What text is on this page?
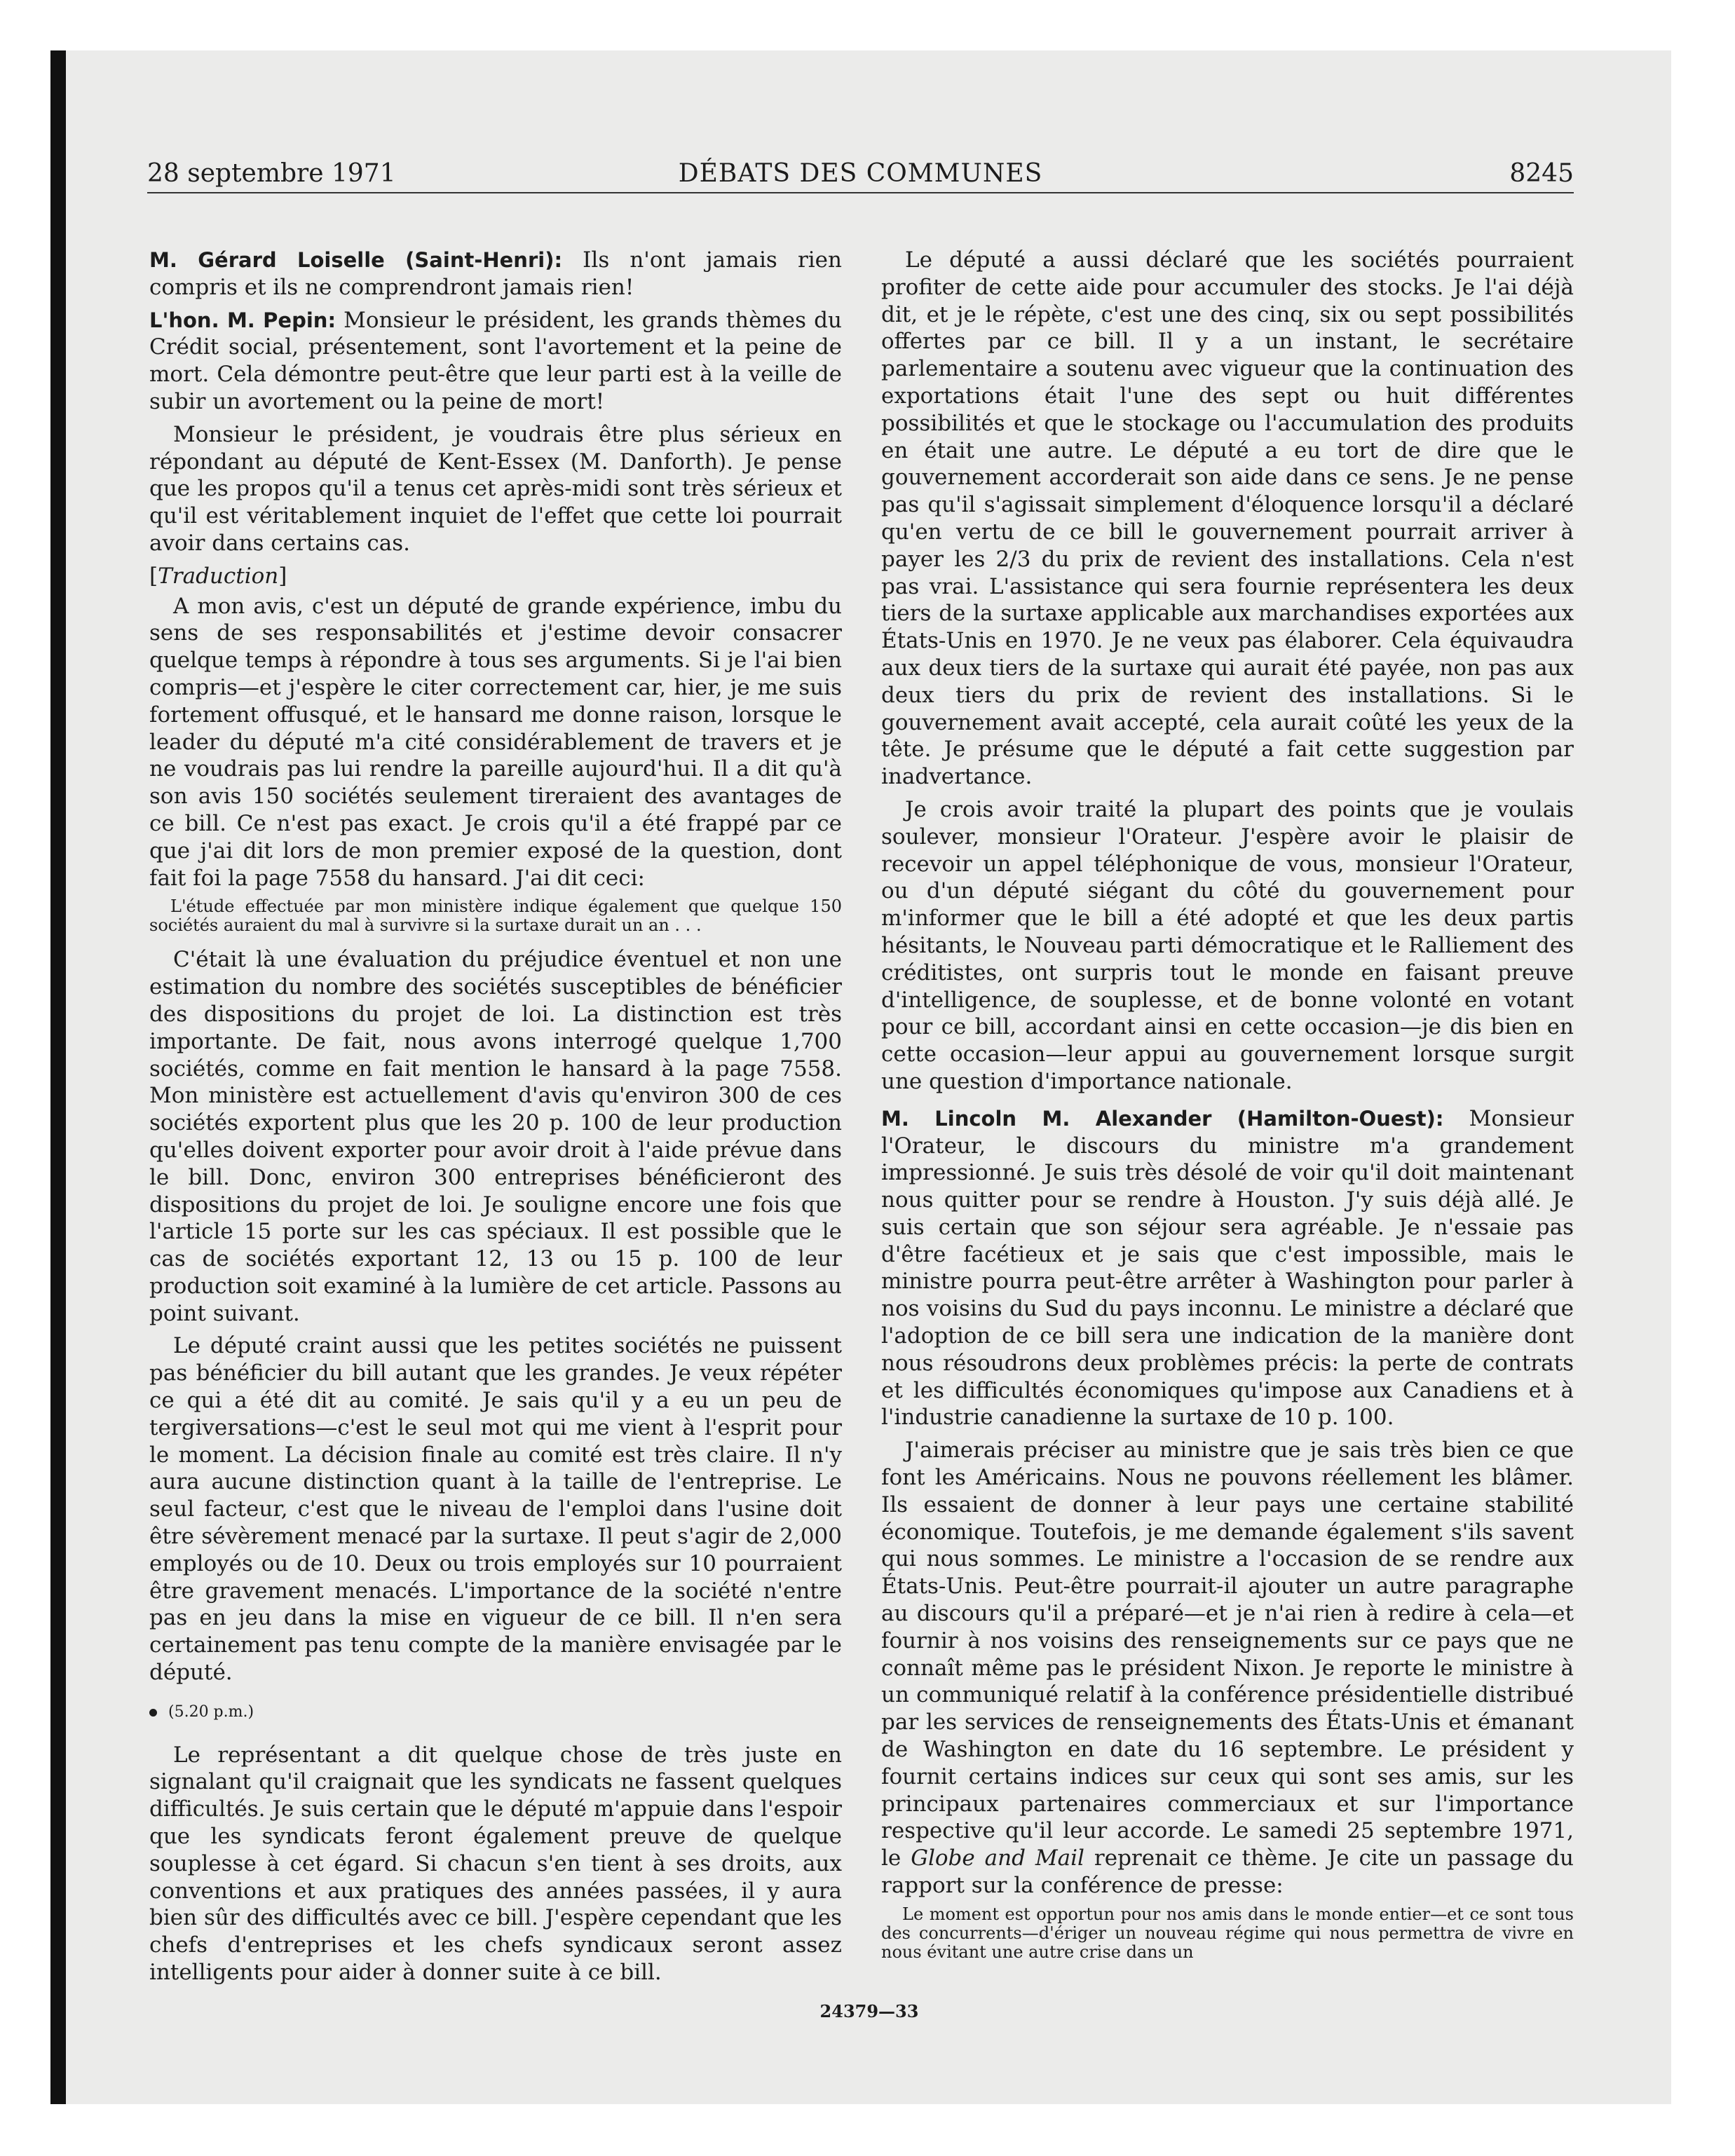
28 septembre 1971	DÉBATS DES COMMUNES	8245

M. Gérard Loiselle (Saint-Henri): Ils n'ont jamais rien compris et ils ne comprendront jamais rien!

L'hon. M. Pepin: Monsieur le président, les grands thèmes du Crédit social, présentement, sont l'avortement et la peine de mort. Cela démontre peut-être que leur parti est à la veille de subir un avortement ou la peine de mort!

Monsieur le président, je voudrais être plus sérieux en répondant au député de Kent-Essex (M. Danforth). Je pense que les propos qu'il a tenus cet après-midi sont très sérieux et qu'il est véritablement inquiet de l'effet que cette loi pourrait avoir dans certains cas.

[Traduction]

A mon avis, c'est un député de grande expérience, imbu du sens de ses responsabilités et j'estime devoir consacrer quelque temps à répondre à tous ses arguments. Si je l'ai bien compris—et j'espère le citer correctement car, hier, je me suis fortement offusqué, et le hansard me donne raison, lorsque le leader du député m'a cité considérablement de travers et je ne voudrais pas lui rendre la pareille aujourd'hui. Il a dit qu'à son avis 150 sociétés seulement tireraient des avantages de ce bill. Ce n'est pas exact. Je crois qu'il a été frappé par ce que j'ai dit lors de mon premier exposé de la question, dont fait foi la page 7558 du hansard. J'ai dit ceci:

L'étude effectuée par mon ministère indique également que quelque 150 sociétés auraient du mal à survivre si la surtaxe durait un an . . .

C'était là une évaluation du préjudice éventuel et non une estimation du nombre des sociétés susceptibles de bénéficier des dispositions du projet de loi. La distinction est très importante. De fait, nous avons interrogé quelque 1,700 sociétés, comme en fait mention le hansard à la page 7558. Mon ministère est actuellement d'avis qu'environ 300 de ces sociétés exportent plus que les 20 p. 100 de leur production qu'elles doivent exporter pour avoir droit à l'aide prévue dans le bill. Donc, environ 300 entreprises bénéficieront des dispositions du projet de loi. Je souligne encore une fois que l'article 15 porte sur les cas spéciaux. Il est possible que le cas de sociétés exportant 12, 13 ou 15 p. 100 de leur production soit examiné à la lumière de cet article. Passons au point suivant.

Le député craint aussi que les petites sociétés ne puissent pas bénéficier du bill autant que les grandes. Je veux répéter ce qui a été dit au comité. Je sais qu'il y a eu un peu de tergiversations—c'est le seul mot qui me vient à l'esprit pour le moment. La décision finale au comité est très claire. Il n'y aura aucune distinction quant à la taille de l'entreprise. Le seul facteur, c'est que le niveau de l'emploi dans l'usine doit être sévèrement menacé par la surtaxe. Il peut s'agir de 2,000 employés ou de 10. Deux ou trois employés sur 10 pourraient être gravement menacés. L'importance de la société n'entre pas en jeu dans la mise en vigueur de ce bill. Il n'en sera certainement pas tenu compte de la manière envisagée par le député.

(5.20 p.m.)

Le représentant a dit quelque chose de très juste en signalant qu'il craignait que les syndicats ne fassent quelques difficultés. Je suis certain que le député m'appuie dans l'espoir que les syndicats feront également preuve de quelque souplesse à cet égard. Si chacun s'en tient à ses droits, aux conventions et aux pratiques des années passées, il y aura bien sûr des difficultés avec ce bill. J'espère cependant que les chefs d'entreprises et les chefs syndicaux seront assez intelligents pour aider à donner suite à ce bill.

Le député a aussi déclaré que les sociétés pourraient profiter de cette aide pour accumuler des stocks. Je l'ai déjà dit, et je le répète, c'est une des cinq, six ou sept possibilités offertes par ce bill. Il y a un instant, le secrétaire parlementaire a soutenu avec vigueur que la continuation des exportations était l'une des sept ou huit différentes possibilités et que le stockage ou l'accumulation des produits en était une autre. Le député a eu tort de dire que le gouvernement accorderait son aide dans ce sens. Je ne pense pas qu'il s'agissait simplement d'éloquence lorsqu'il a déclaré qu'en vertu de ce bill le gouvernement pourrait arriver à payer les 2/3 du prix de revient des installations. Cela n'est pas vrai. L'assistance qui sera fournie représentera les deux tiers de la surtaxe applicable aux marchandises exportées aux États-Unis en 1970. Je ne veux pas élaborer. Cela équivaudra aux deux tiers de la surtaxe qui aurait été payée, non pas aux deux tiers du prix de revient des installations. Si le gouvernement avait accepté, cela aurait coûté les yeux de la tête. Je présume que le député a fait cette suggestion par inadvertance.

Je crois avoir traité la plupart des points que je voulais soulever, monsieur l'Orateur. J'espère avoir le plaisir de recevoir un appel téléphonique de vous, monsieur l'Orateur, ou d'un député siégant du côté du gouvernement pour m'informer que le bill a été adopté et que les deux partis hésitants, le Nouveau parti démocratique et le Ralliement des créditistes, ont surpris tout le monde en faisant preuve d'intelligence, de souplesse, et de bonne volonté en votant pour ce bill, accordant ainsi en cette occasion—je dis bien en cette occasion—leur appui au gouvernement lorsque surgit une question d'importance nationale.

M. Lincoln M. Alexander (Hamilton-Ouest): Monsieur l'Orateur, le discours du ministre m'a grandement impressionné. Je suis très désolé de voir qu'il doit maintenant nous quitter pour se rendre à Houston. J'y suis déjà allé. Je suis certain que son séjour sera agréable. Je n'essaie pas d'être facétieux et je sais que c'est impossible, mais le ministre pourra peut-être arrêter à Washington pour parler à nos voisins du Sud du pays inconnu. Le ministre a déclaré que l'adoption de ce bill sera une indication de la manière dont nous résoudrons deux problèmes précis: la perte de contrats et les difficultés économiques qu'impose aux Canadiens et à l'industrie canadienne la surtaxe de 10 p. 100.

J'aimerais préciser au ministre que je sais très bien ce que font les Américains. Nous ne pouvons réellement les blâmer. Ils essaient de donner à leur pays une certaine stabilité économique. Toutefois, je me demande également s'ils savent qui nous sommes. Le ministre a l'occasion de se rendre aux États-Unis. Peut-être pourrait-il ajouter un autre paragraphe au discours qu'il a préparé—et je n'ai rien à redire à cela—et fournir à nos voisins des renseignements sur ce pays que ne connaît même pas le président Nixon. Je reporte le ministre à un communiqué relatif à la conférence présidentielle distribué par les services de renseignements des États-Unis et émanant de Washington en date du 16 septembre. Le président y fournit certains indices sur ceux qui sont ses amis, sur les principaux partenaires commerciaux et sur l'importance respective qu'il leur accorde. Le samedi 25 septembre 1971, le Globe and Mail reprenait ce thème. Je cite un passage du rapport sur la conférence de presse:

Le moment est opportun pour nos amis dans le monde entier—et ce sont tous des concurrents—d'ériger un nouveau régime qui nous permettra de vivre en nous évitant une autre crise dans un
24379—33
